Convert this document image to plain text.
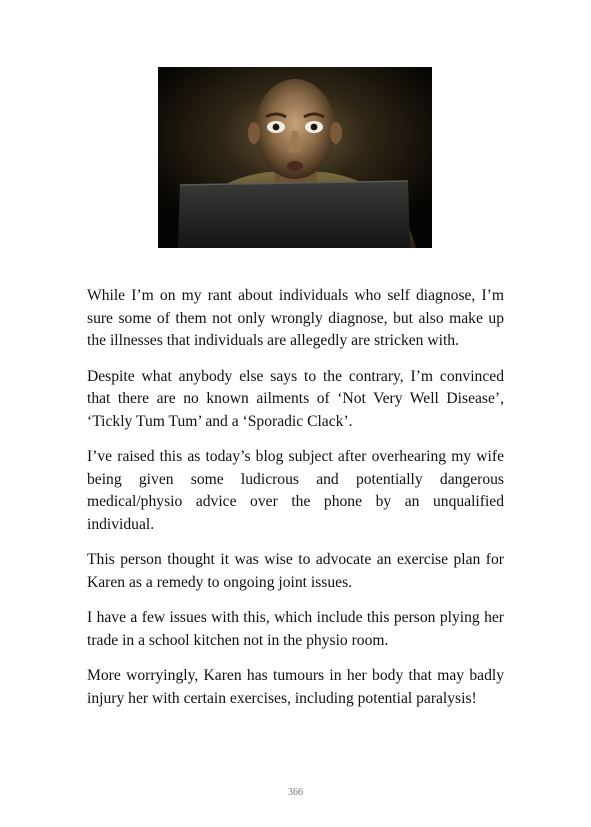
While I’m on my rant about individuals who self diagnose, I’m sure some of them not only wrongly diagnose, but also make up the illnesses that individuals are allegedly are stricken with.

Despite what anybody else says to the contrary, I’m convinced that there are no known ailments of ‘Not Very Well Disease’, ‘Tickly Tum Tum’ and a ‘Sporadic Clack’.

I’ve raised this as today’s blog subject after overhearing my wife being given some ludicrous and potentially dangerous medical/physio advice over the phone by an unqualified individual.

This person thought it was wise to advocate an exercise plan for Karen as a remedy to ongoing joint issues.

I have a few issues with this, which include this person plying her trade in a school kitchen not in the physio room.

More worryingly, Karen has tumours in her body that may badly injury her with certain exercises, including potential paralysis!

366
